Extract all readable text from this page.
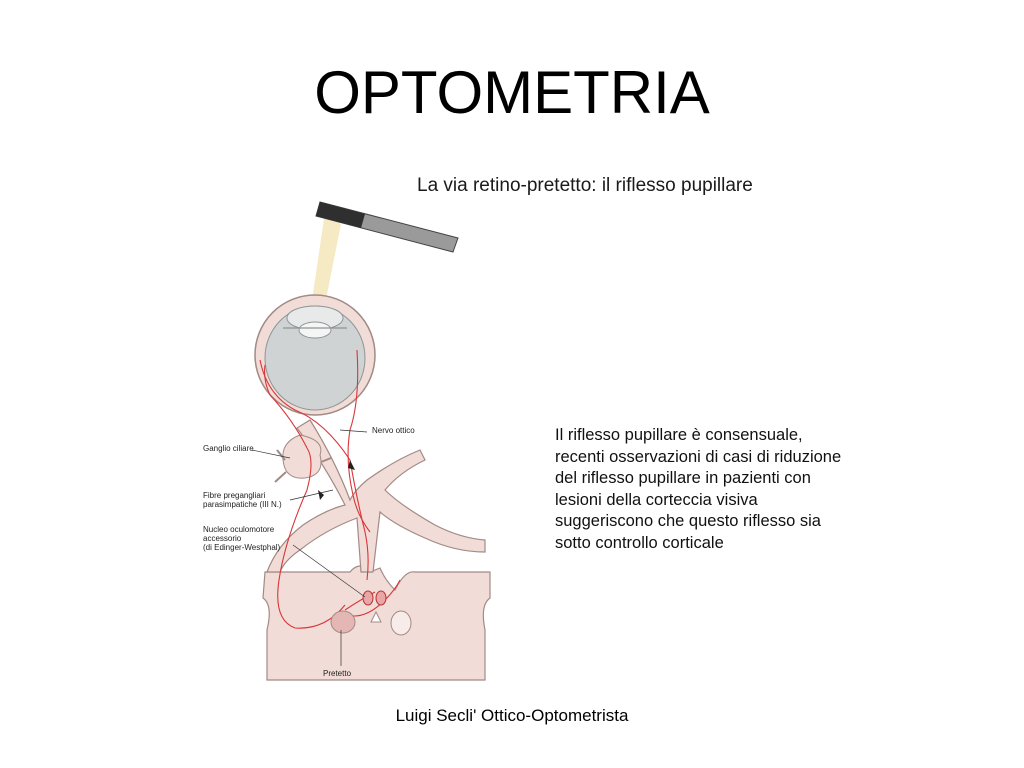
OPTOMETRIA
La via retino-pretetto: il riflesso pupillare
Nervo ottico
Ganglio ciliare
Fibre pregangliari
parasimpatiche (III N.)
Nucleo oculomotore
accessorio
(di Edinger-Westphal)
Pretetto
Il riflesso pupillare è consensuale, recenti osservazioni di casi di riduzione del riflesso pupillare in pazienti con lesioni della corteccia visiva suggeriscono che questo riflesso sia sotto controllo corticale
Luigi Secli' Ottico-Optometrista
